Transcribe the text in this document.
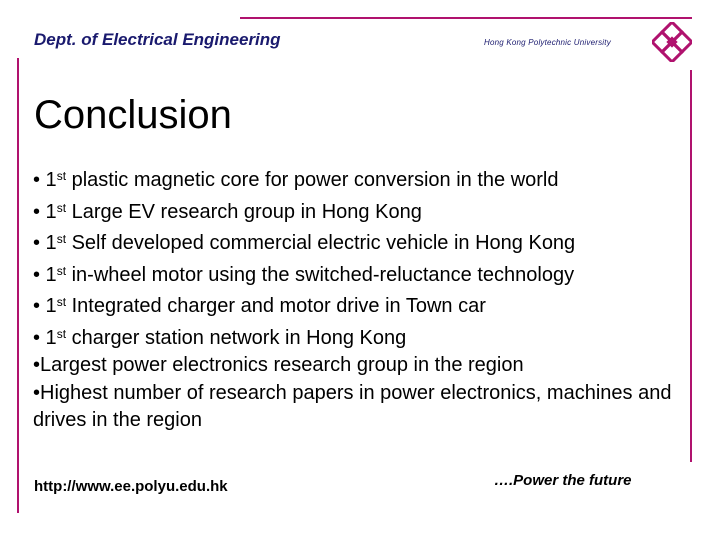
Dept. of Electrical Engineering	Hong Kong Polytechnic University
Conclusion
• 1st plastic magnetic core for power conversion in the world
• 1st Large EV research group in Hong Kong
• 1st Self developed commercial electric vehicle in Hong Kong
• 1st in-wheel motor using the switched-reluctance technology
• 1st Integrated charger and motor drive in Town car
• 1st charger station network in Hong Kong
•Largest power electronics research group in the region
•Highest number of research papers in power electronics, machines and drives in the region
http://www.ee.polyu.edu.hk	….Power the future
